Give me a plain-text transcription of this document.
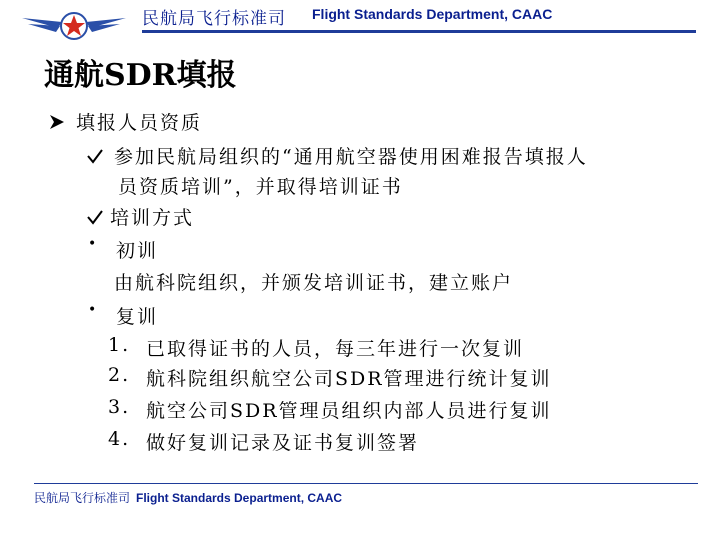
民航局飞行标准司 Flight Standards Department, CAAC
通航SDR填报
填报人员资质
参加民航局组织的“通用航空器使用困难报告填报人
员资质培训”，并取得培训证书
培训方式
• 初训
由航科院组织，并颁发培训证书，建立账户
• 复训
1. 已取得证书的人员，每三年进行一次复训
2. 航科院组织航空公司SDR管理进行统计复训
3. 航空公司SDR管理员组织内部人员进行复训
4. 做好复训记录及证书复训签署
民航局飞行标准司 Flight Standards Department, CAAC
